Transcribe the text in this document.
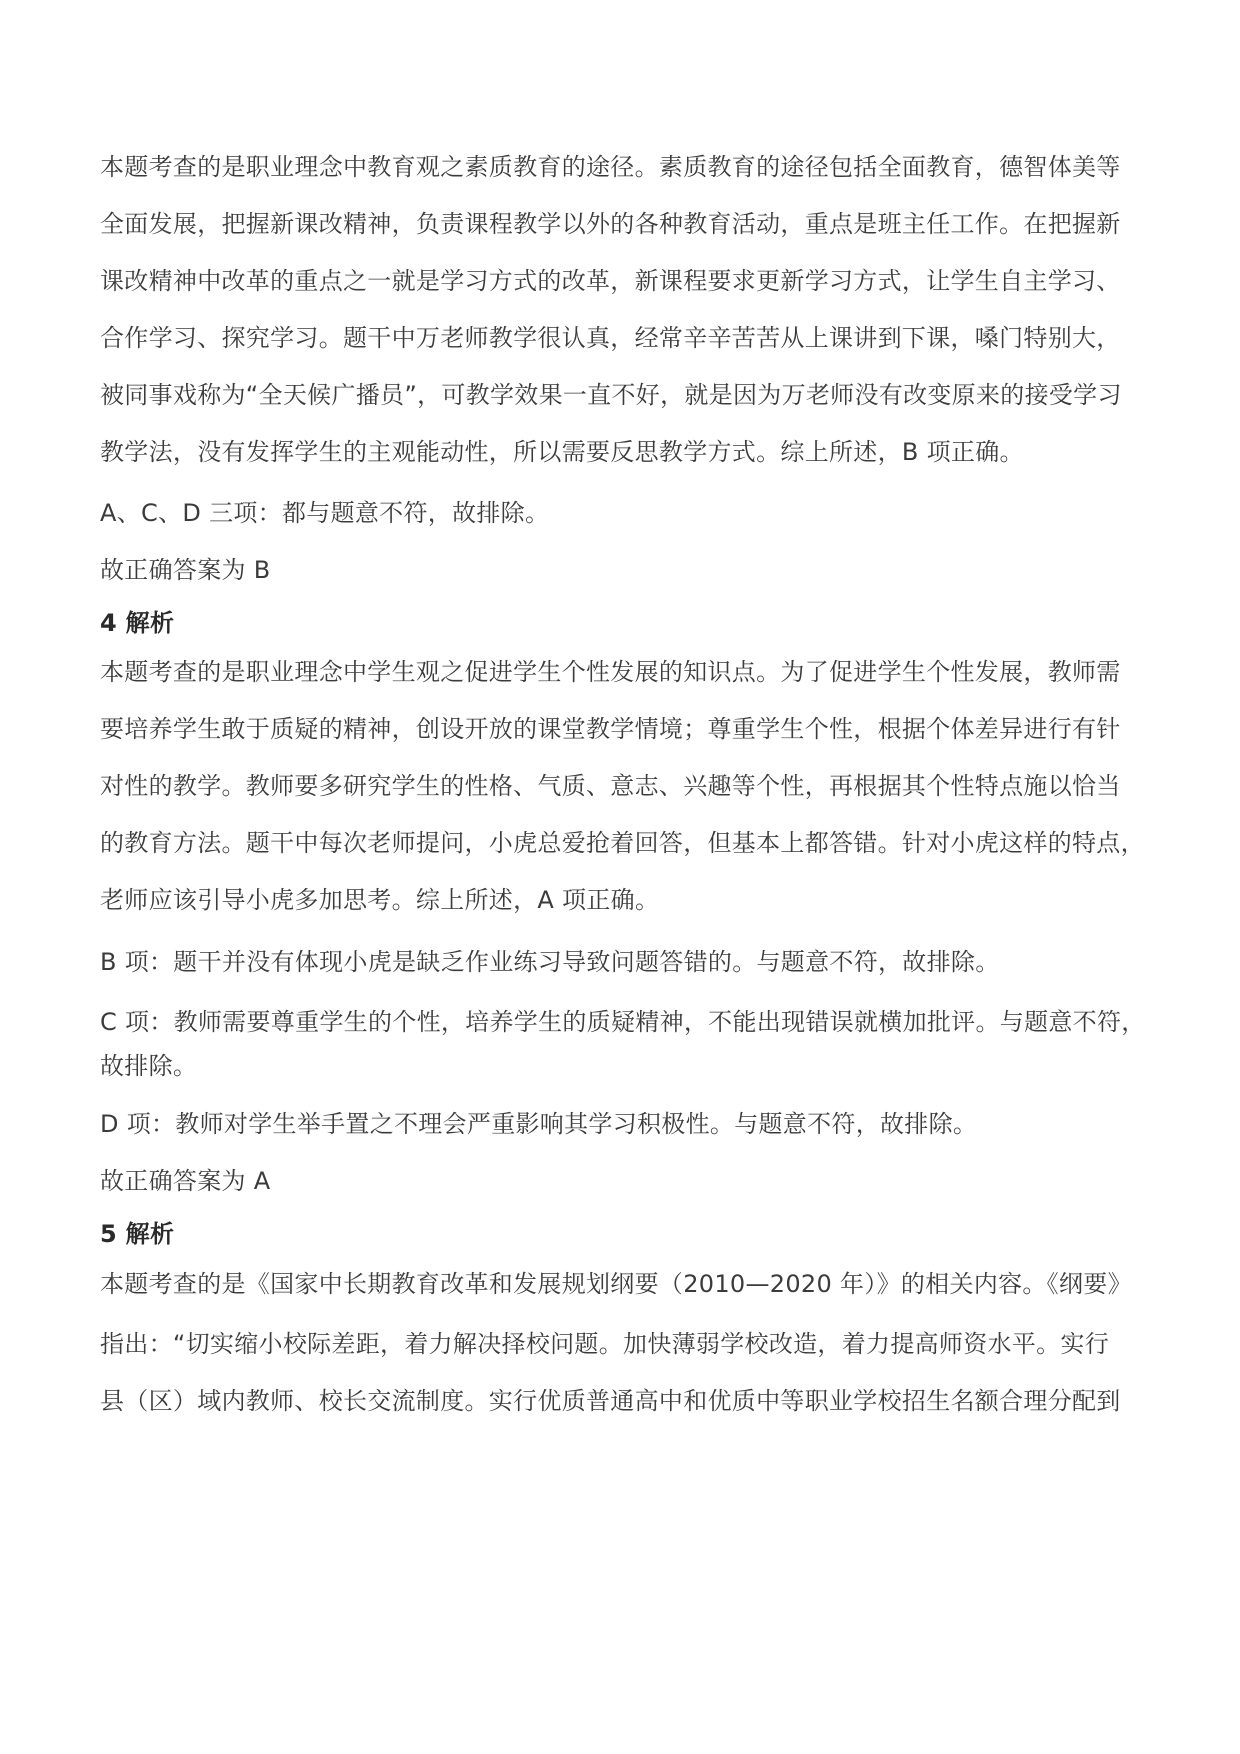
本题考查的是职业理念中教育观之素质教育的途径。素质教育的途径包括全面教育，德智体美等
全面发展，把握新课改精神，负责课程教学以外的各种教育活动，重点是班主任工作。在把握新
课改精神中改革的重点之一就是学习方式的改革，新课程要求更新学习方式，让学生自主学习、
合作学习、探究学习。题干中万老师教学很认真，经常辛辛苦苦从上课讲到下课，嗓门特别大，
被同事戏称为“全天候广播员”，可教学效果一直不好，就是因为万老师没有改变原来的接受学习
教学法，没有发挥学生的主观能动性，所以需要反思教学方式。综上所述，B 项正确。
A、C、D 三项：都与题意不符，故排除。
故正确答案为 B
4 解析
本题考查的是职业理念中学生观之促进学生个性发展的知识点。为了促进学生个性发展，教师需
要培养学生敢于质疑的精神，创设开放的课堂教学情境；尊重学生个性，根据个体差异进行有针
对性的教学。教师要多研究学生的性格、气质、意志、兴趣等个性，再根据其个性特点施以恰当
的教育方法。题干中每次老师提问，小虎总爱抢着回答，但基本上都答错。针对小虎这样的特点，
老师应该引导小虎多加思考。综上所述，A 项正确。
B 项：题干并没有体现小虎是缺乏作业练习导致问题答错的。与题意不符，故排除。
C 项：教师需要尊重学生的个性，培养学生的质疑精神，不能出现错误就横加批评。与题意不符，
故排除。
D 项：教师对学生举手置之不理会严重影响其学习积极性。与题意不符，故排除。
故正确答案为 A
5 解析
本题考查的是《国家中长期教育改革和发展规划纲要（2010—2020 年）》的相关内容。《纲要》
指出：“切实缩小校际差距，着力解决择校问题。加快薄弱学校改造，着力提高师资水平。实行
县（区）域内教师、校长交流制度。实行优质普通高中和优质中等职业学校招生名额合理分配到
